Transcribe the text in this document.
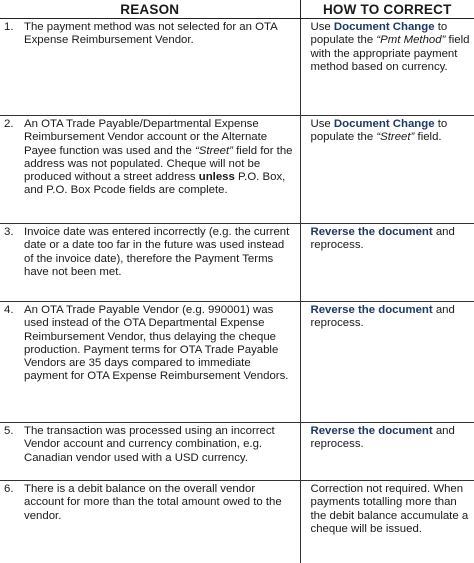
REASON	HOW TO CORRECT

1. The payment method was not selected for an OTA Expense Reimbursement Vendor.	Use Document Change to populate the “Pmt Method” field with the appropriate payment method based on currency.

2. An OTA Trade Payable/Departmental Expense Reimbursement Vendor account or the Alternate Payee function was used and the “Street” field for the address was not populated. Cheque will not be produced without a street address unless P.O. Box, and P.O. Box Pcode fields are complete.	Use Document Change to populate the “Street” field.

3. Invoice date was entered incorrectly (e.g. the current date or a date too far in the future was used instead of the invoice date), therefore the Payment Terms have not been met.	Reverse the document and reprocess.

4. An OTA Trade Payable Vendor (e.g. 990001) was used instead of the OTA Departmental Expense Reimbursement Vendor, thus delaying the cheque production. Payment terms for OTA Trade Payable Vendors are 35 days compared to immediate payment for OTA Expense Reimbursement Vendors.	Reverse the document and reprocess.

5. The transaction was processed using an incorrect Vendor account and currency combination, e.g. Canadian vendor used with a USD currency.	Reverse the document and reprocess.

6. There is a debit balance on the overall vendor account for more than the total amount owed to the vendor.	Correction not required. When payments totalling more than the debit balance accumulate a cheque will be issued.
